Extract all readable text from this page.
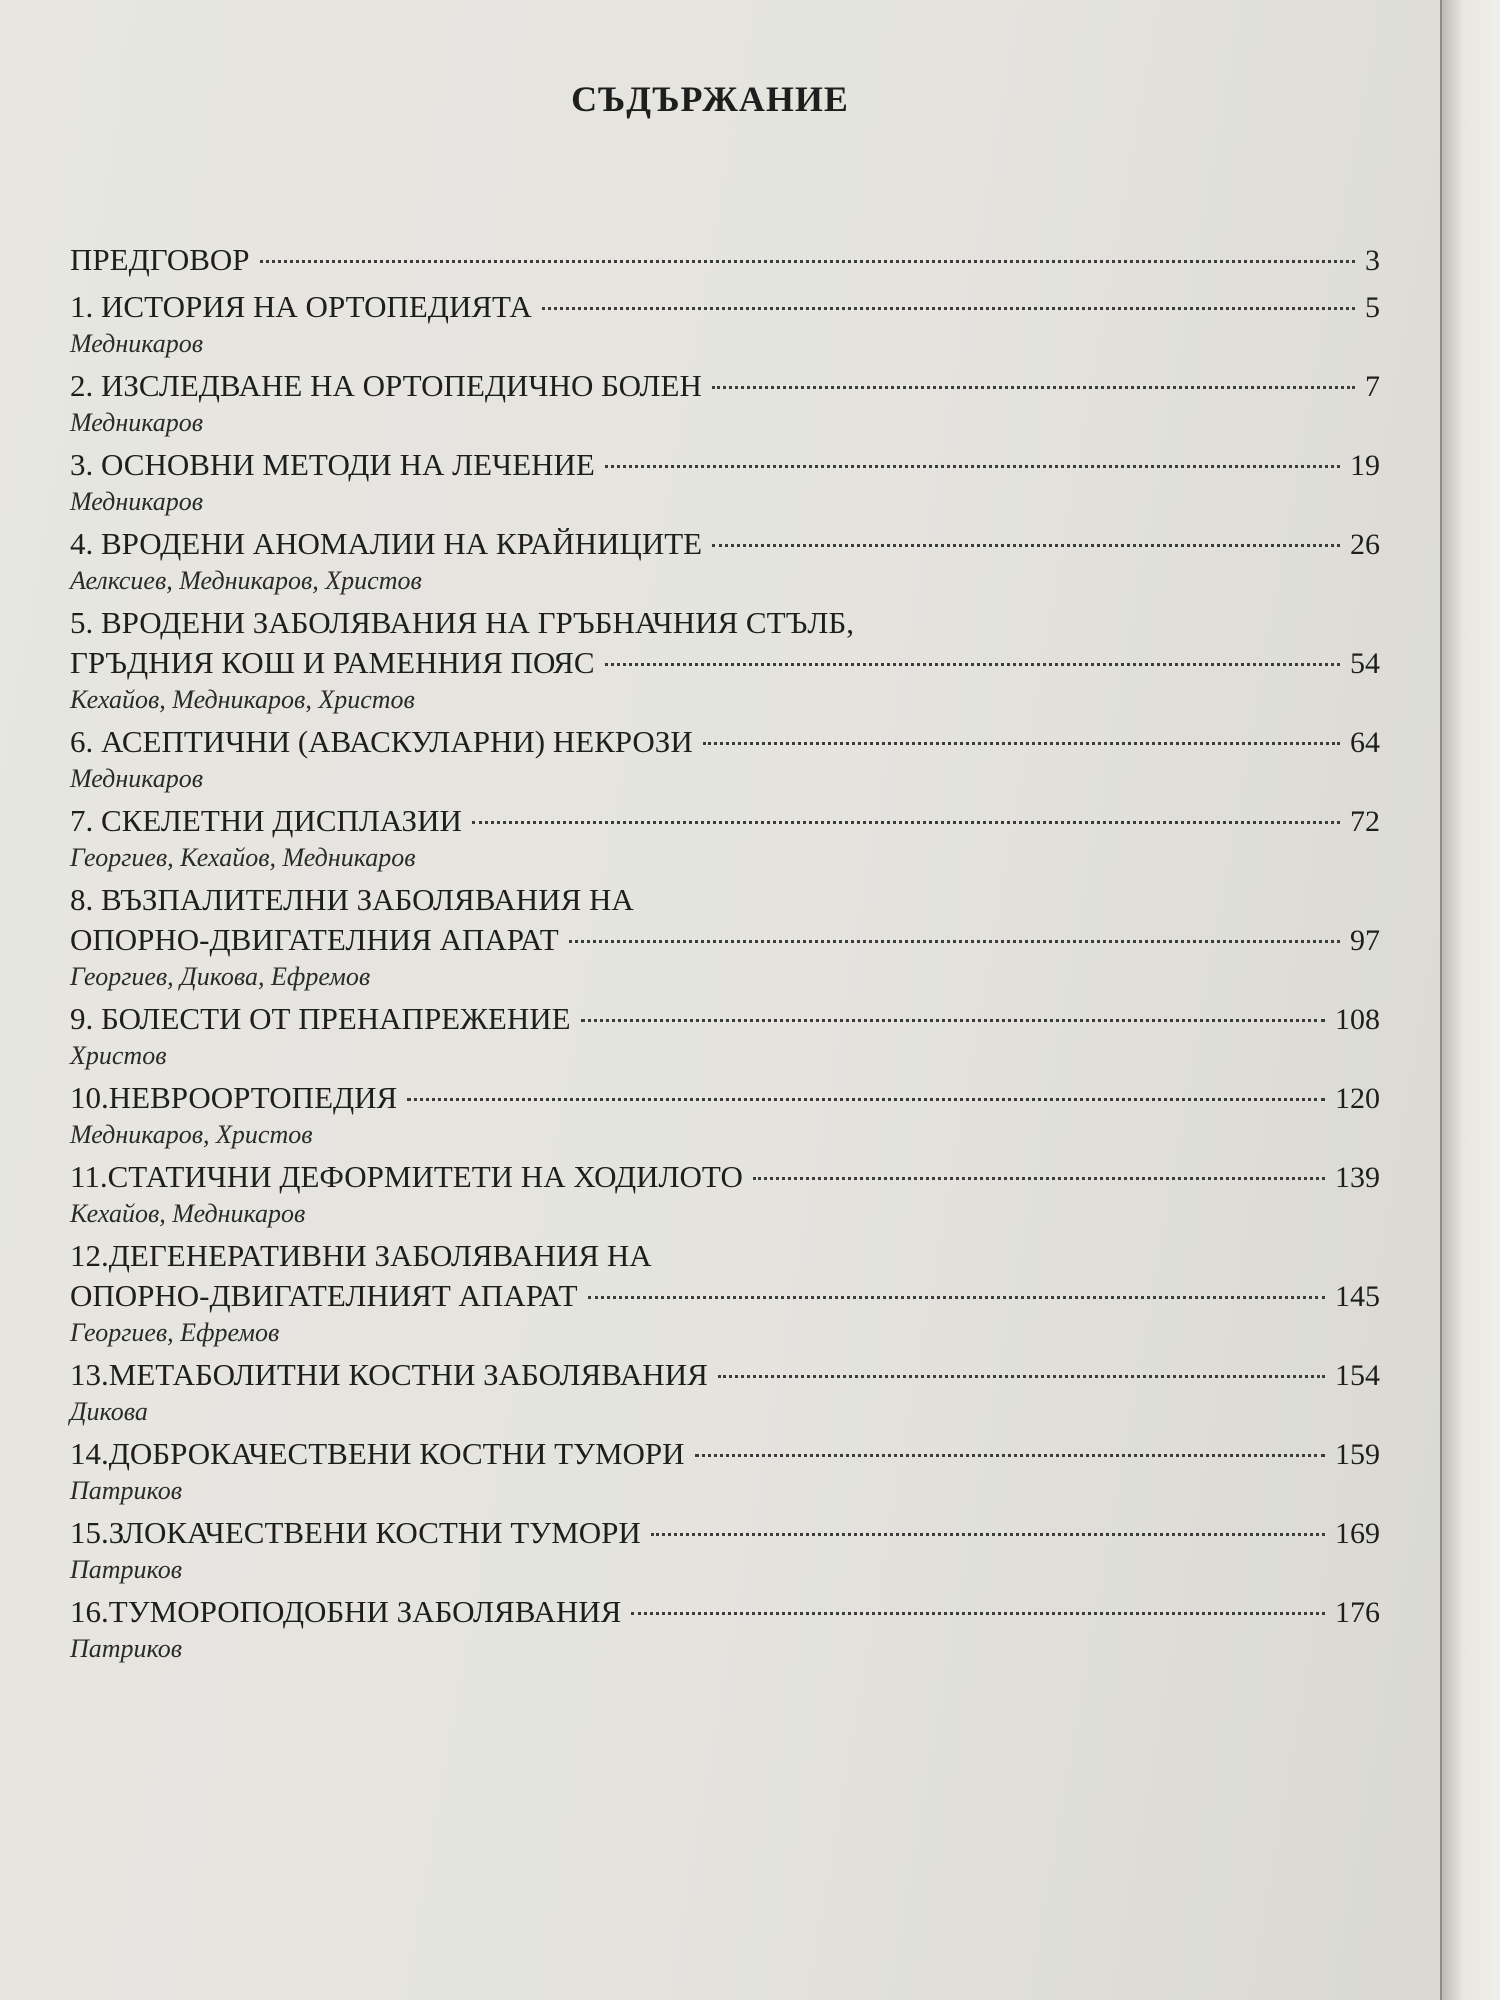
СЪДЪРЖАНИЕ
ПРЕДГОВОР	3
1. ИСТОРИЯ НА ОРТОПЕДИЯТА	5
Медникаров
2. ИЗСЛЕДВАНЕ НА ОРТОПЕДИЧНО БОЛЕН	7
Медникаров
3. ОСНОВНИ МЕТОДИ НА ЛЕЧЕНИЕ	19
Медникаров
4. ВРОДЕНИ АНОМАЛИИ НА КРАЙНИЦИТЕ	26
Аелксиев, Медникаров, Христов
5. ВРОДЕНИ ЗАБОЛЯВАНИЯ НА ГРЪБНАЧНИЯ СТЪЛБ,
ГРЪДНИЯ КОШ И РАМЕННИЯ ПОЯС	54
Кехайов, Медникаров, Христов
6. АСЕПТИЧНИ (АВАСКУЛАРНИ) НЕКРОЗИ	64
Медникаров
7. СКЕЛЕТНИ ДИСПЛАЗИИ	72
Георгиев, Кехайов, Медникаров
8. ВЪЗПАЛИТЕЛНИ ЗАБОЛЯВАНИЯ НА
ОПОРНО-ДВИГАТЕЛНИЯ АПАРАТ	97
Георгиев, Дикова, Ефремов
9. БОЛЕСТИ ОТ ПРЕНАПРЕЖЕНИЕ	108
Христов
10.НЕВРООРТОПЕДИЯ	120
Медникаров, Христов
11.СТАТИЧНИ ДЕФОРМИТЕТИ НА ХОДИЛОТО	139
Кехайов, Медникаров
12.ДЕГЕНЕРАТИВНИ ЗАБОЛЯВАНИЯ НА
ОПОРНО-ДВИГАТЕЛНИЯТ АПАРАТ	145
Георгиев, Ефремов
13.МЕТАБОЛИТНИ КОСТНИ ЗАБОЛЯВАНИЯ	154
Дикова
14.ДОБРОКАЧЕСТВЕНИ КОСТНИ ТУМОРИ	159
Патриков
15.ЗЛОКАЧЕСТВЕНИ КОСТНИ ТУМОРИ	169
Патриков
16.ТУМОРОПОДОБНИ ЗАБОЛЯВАНИЯ	176
Патриков
